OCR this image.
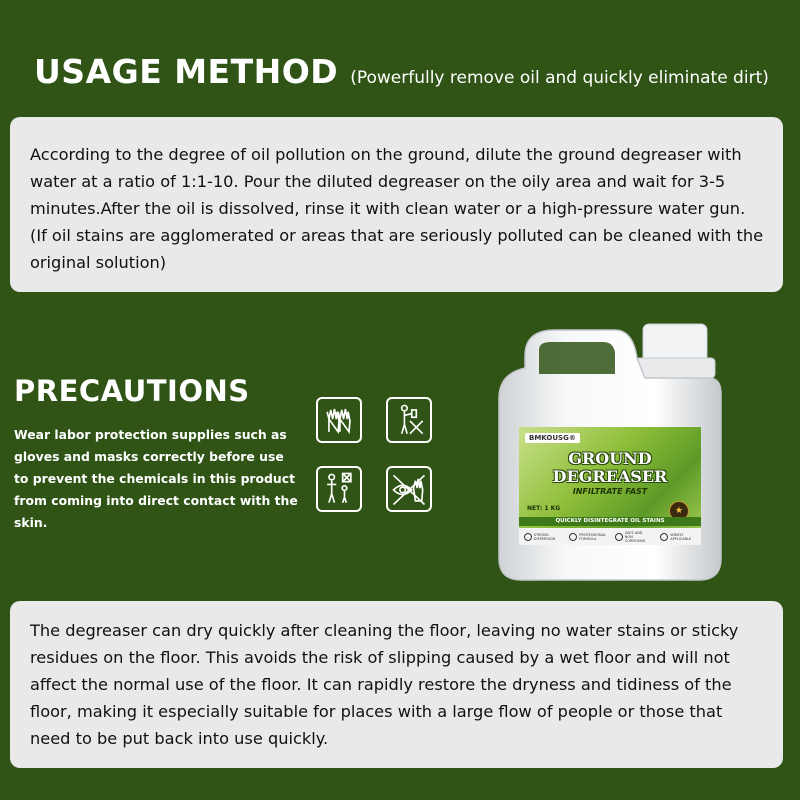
USAGE METHOD (Powerfully remove oil and quickly eliminate dirt)
According to the degree of oil pollution on the ground, dilute the ground degreaser with water at a ratio of 1:1-10. Pour the diluted degreaser on the oily area and wait for 3-5 minutes.After the oil is dissolved, rinse it with clean water or a high-pressure water gun. (If oil stains are agglomerated or areas that are seriously polluted can be cleaned with the original solution)
PRECAUTIONS
Wear labor protection supplies such as gloves and masks correctly before use to prevent the chemicals in this product from coming into direct contact with the skin.
BMKOUSG®
GROUND
DEGREASER
INFILTRATE FAST
NET: 1 KG	★
QUICKLY DISINTEGRATE OIL STAINS
STRONG DISPERSION
PROFESSIONAL FORMULA
SAFE AND NON CORROSIVE
WIDELY APPLICABLE
The degreaser can dry quickly after cleaning the floor, leaving no water stains or sticky residues on the floor. This avoids the risk of slipping caused by a wet floor and will not affect the normal use of the floor. It can rapidly restore the dryness and tidiness of the floor, making it especially suitable for places with a large flow of people or those that need to be put back into use quickly.
